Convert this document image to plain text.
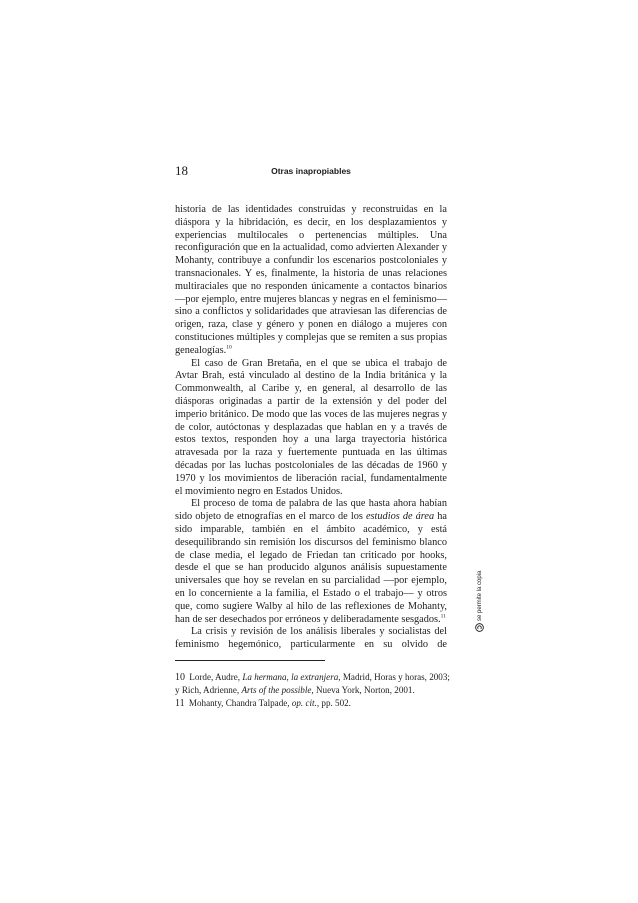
18	Otras inapropiables

historia de las identidades construidas y reconstruidas en la diáspora y la hibridación, es decir, en los desplazamientos y experiencias multilocales o pertenencias múltiples. Una reconfiguración que en la actualidad, como advierten Alexander y Mohanty, contribuye a confundir los escenarios postcoloniales y transnacionales. Y es, finalmente, la historia de unas relaciones multiraciales que no responden únicamente a contactos binarios —por ejemplo, entre mujeres blancas y negras en el feminismo— sino a conflictos y solidaridades que atraviesan las diferencias de origen, raza, clase y género y ponen en diálogo a mujeres con constituciones múltiples y complejas que se remiten a sus propias genealogías.$^{10}$

El caso de Gran Bretaña, en el que se ubica el trabajo de Avtar Brah, está vinculado al destino de la India británica y la Commonwealth, al Caribe y, en general, al desarrollo de las diásporas originadas a partir de la extensión y del poder del imperio británico. De modo que las voces de las mujeres negras y de color, autóctonas y desplazadas que hablan en y a través de estos textos, responden hoy a una larga trayectoria histórica atravesada por la raza y fuertemente puntuada en las últimas décadas por las luchas postcoloniales de las décadas de 1960 y 1970 y los movimientos de liberación racial, fundamentalmente el movimiento negro en Estados Unidos.

El proceso de toma de palabra de las que hasta ahora habían sido objeto de etnografías en el marco de los estudios de área ha sido imparable, también en el ámbito académico, y está desequilibrando sin remisión los discursos del feminismo blanco de clase media, el legado de Friedan tan criticado por hooks, desde el que se han producido algunos análisis supuestamente universales que hoy se revelan en su parcialidad —por ejemplo, en lo concerniente a la familia, el Estado o el trabajo— y otros que, como sugiere Walby al hilo de las reflexiones de Mohanty, han de ser desechados por erróneos y deliberadamente sesgados.$^{11}$

La crisis y revisión de los análisis liberales y socialistas del feminismo hegemónico, particularmente en su olvido de

10 Lorde, Audre, La hermana, la extranjera, Madrid, Horas y horas, 2003; y Rich, Adrienne, Arts of the possible, Nueva York, Norton, 2001.

11 Mohanty, Chandra Talpade, op. cit., pp. 502.

se permite la copia
